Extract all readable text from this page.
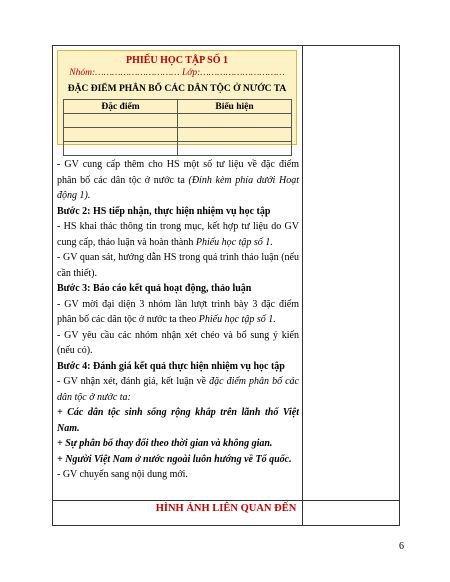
PHIẾU HỌC TẬP SỐ 1
Nhóm:………………………… Lớp:…………………………
ĐẶC ĐIỂM PHÂN BỐ CÁC DÂN TỘC Ở NƯỚC TA
Đặc điểm	Biểu hiện

- GV cung cấp thêm cho HS một số tư liệu về đặc điểm phân bố các dân tộc ở nước ta (Đính kèm phía dưới Hoạt động 1).

Bước 2: HS tiếp nhận, thực hiện nhiệm vụ học tập

- HS khai thác thông tin trong mục, kết hợp tư liệu do GV cung cấp, thảo luận và hoàn thành Phiếu học tập số 1.

- GV quan sát, hướng dẫn HS trong quá trình thảo luận (nếu cần thiết).

Bước 3: Báo cáo kết quả hoạt động, thảo luận

- GV mời đại diện 3 nhóm lần lượt trình bày 3 đặc điểm phân bố các dân tộc ở nước ta theo Phiếu học tập số 1.

- GV yêu cầu các nhóm nhận xét chéo và bổ sung ý kiến (nếu có).

Bước 4: Đánh giá kết quả thực hiện nhiệm vụ học tập

- GV nhận xét, đánh giá, kết luận về đặc điểm phân bố các dân tộc ở nước ta:

+ Các dân tộc sinh sống rộng khắp trên lãnh thổ Việt Nam.

+ Sự phân bố thay đổi theo thời gian và không gian.

+ Người Việt Nam ở nước ngoài luôn hướng về Tổ quốc.

- GV chuyển sang nội dung mới.

HÌNH ẢNH LIÊN QUAN ĐẾN
6
